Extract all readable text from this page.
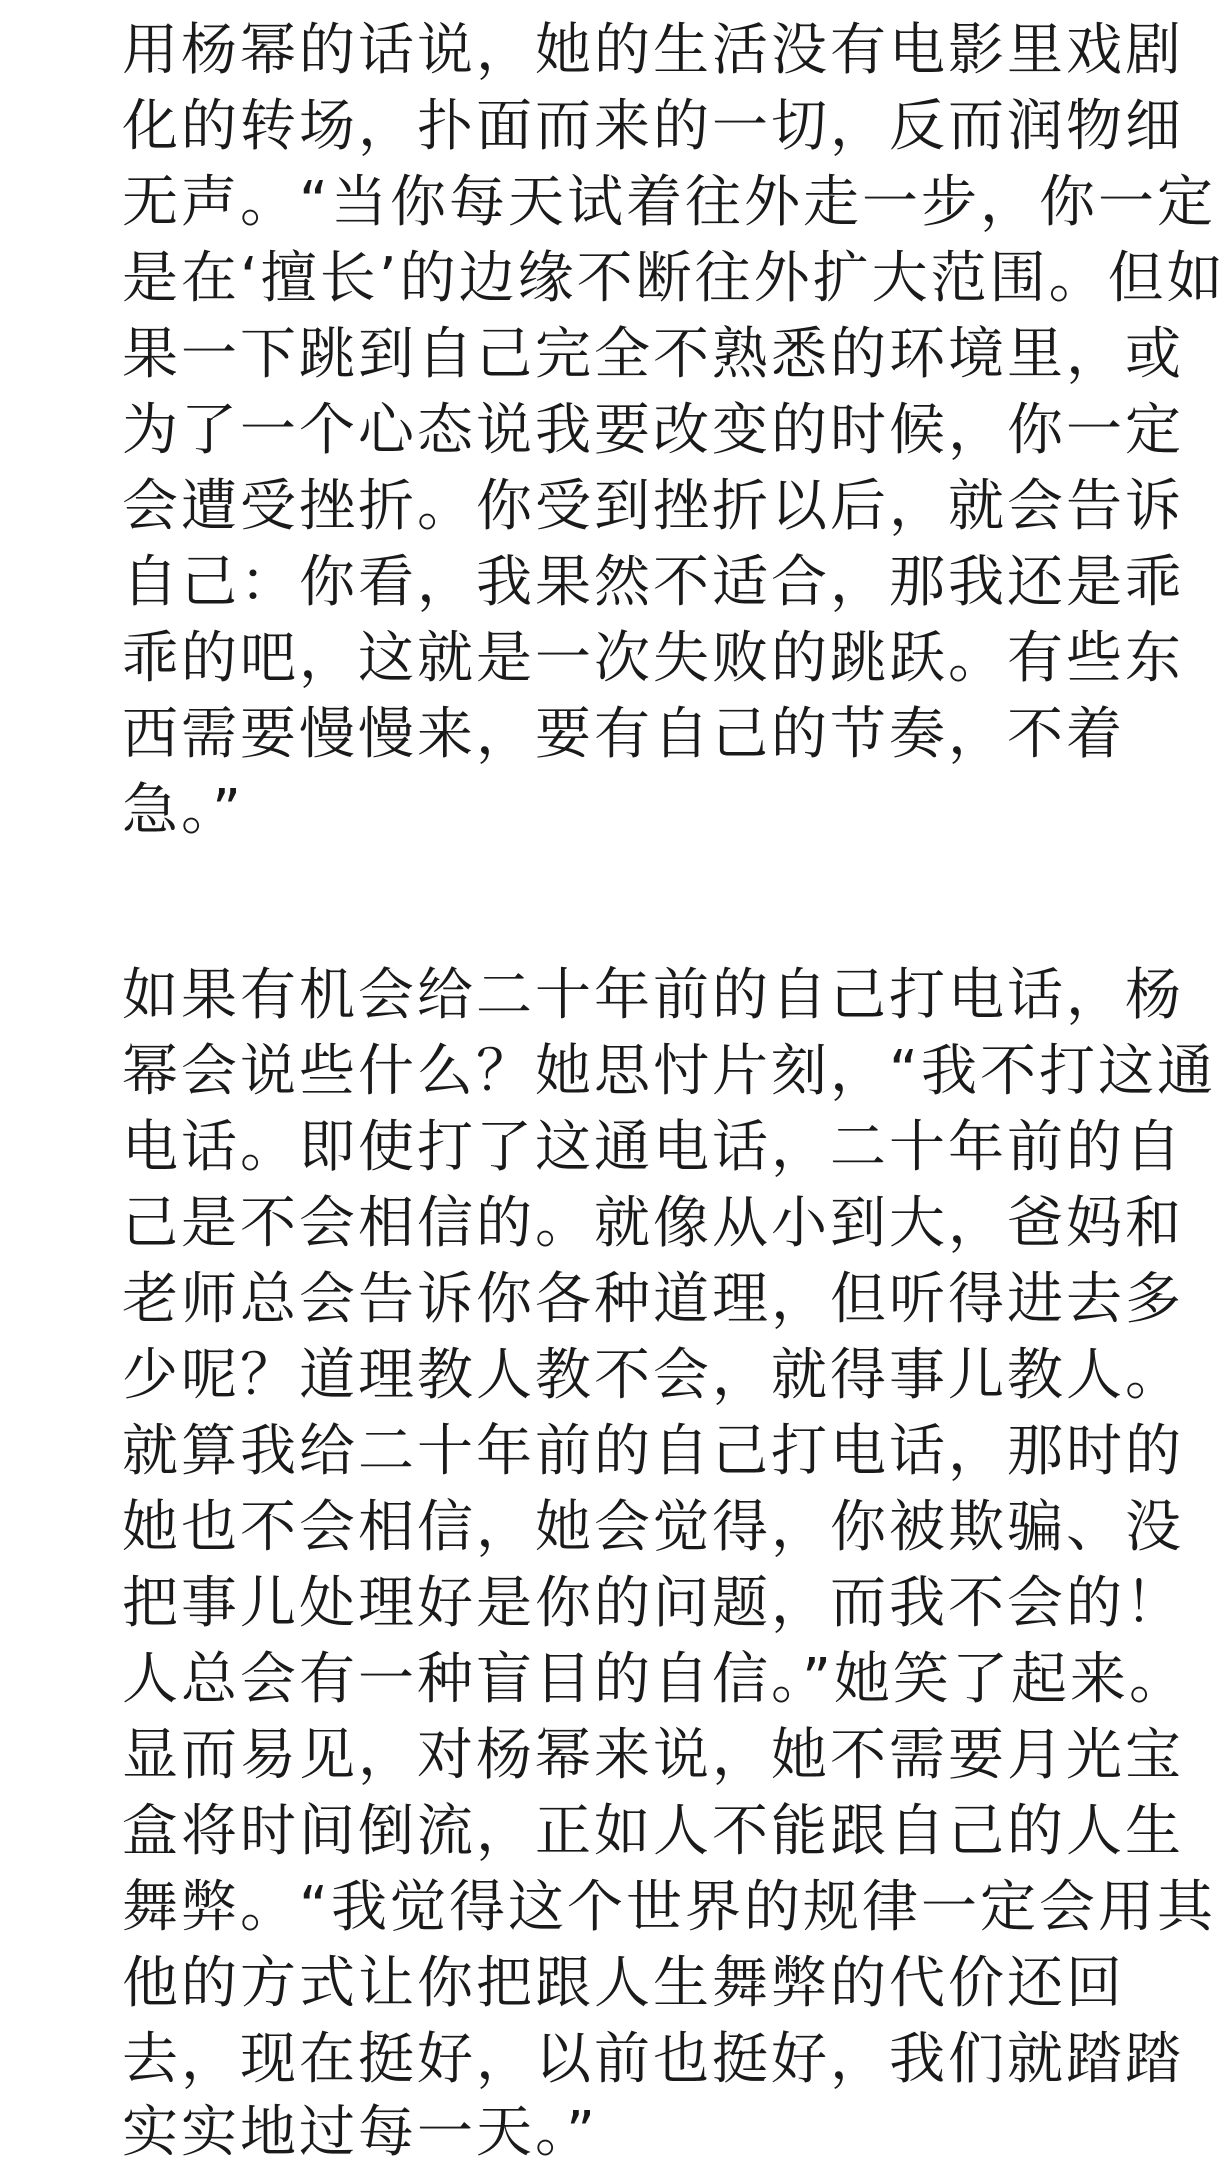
用杨幂的话说，她的生活没有电影里戏剧
化的转场，扑面而来的一切，反而润物细
无声。“当你每天试着往外走一步，你一定
是在‘擅长’的边缘不断往外扩大范围。但如
果一下跳到自己完全不熟悉的环境里，或
为了一个心态说我要改变的时候，你一定
会遭受挫折。你受到挫折以后，就会告诉
自己：你看，我果然不适合，那我还是乖
乖的吧，这就是一次失败的跳跃。有些东
西需要慢慢来，要有自己的节奏，不着
急。”
如果有机会给二十年前的自己打电话，杨
幂会说些什么？她思忖片刻，“我不打这通
电话。即使打了这通电话，二十年前的自
己是不会相信的。就像从小到大，爸妈和
老师总会告诉你各种道理，但听得进去多
少呢？道理教人教不会，就得事儿教人。
就算我给二十年前的自己打电话，那时的
她也不会相信，她会觉得，你被欺骗、没
把事儿处理好是你的问题，而我不会的！
人总会有一种盲目的自信。”她笑了起来。
显而易见，对杨幂来说，她不需要月光宝
盒将时间倒流，正如人不能跟自己的人生
舞弊。“我觉得这个世界的规律一定会用其
他的方式让你把跟人生舞弊的代价还回
去，现在挺好，以前也挺好，我们就踏踏
实实地过每一天。”
